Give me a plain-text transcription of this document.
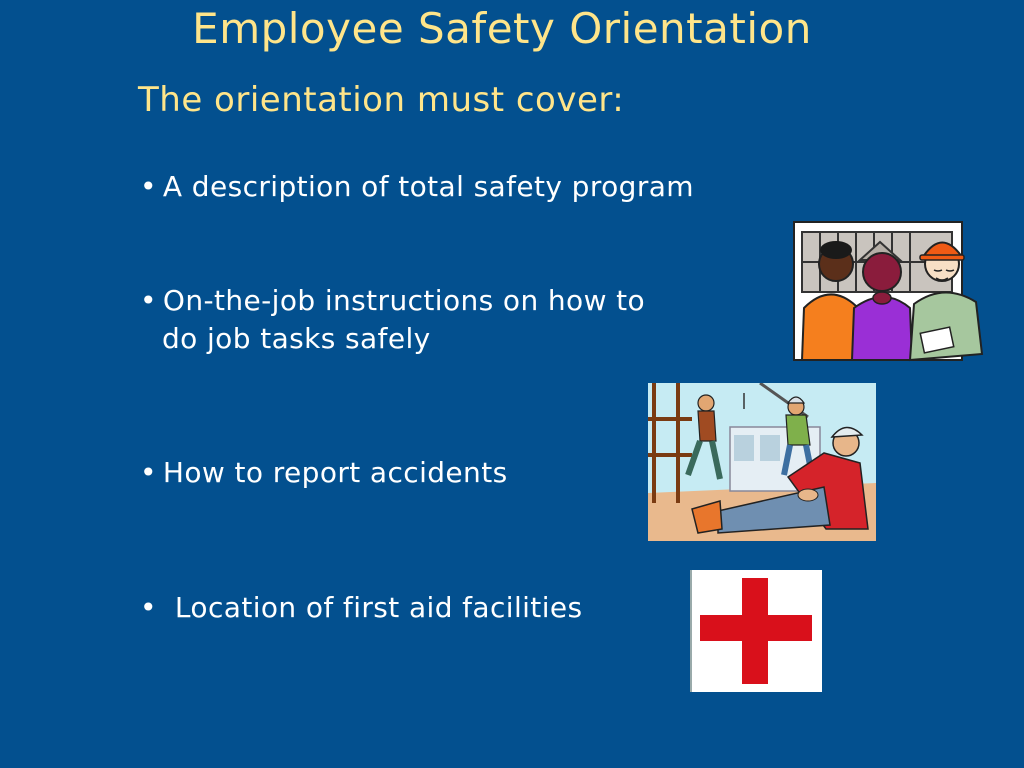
Employee Safety Orientation
The orientation must cover:
• A description of total safety program
• On-the-job instructions on how to
do job tasks safely
• How to report accidents
• Location of first aid facilities
